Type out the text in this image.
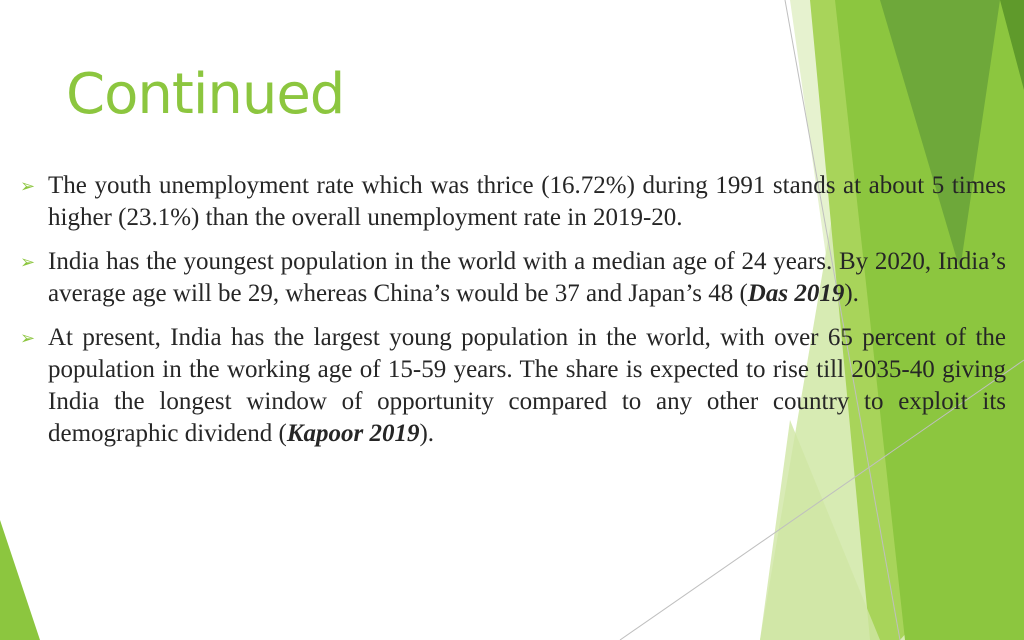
Continued

➢ The youth unemployment rate which was thrice (16.72%) during 1991 stands at about 5 times higher (23.1%) than the overall unemployment rate in 2019-20.

➢ India has the youngest population in the world with a median age of 24 years. By 2020, India’s average age will be 29, whereas China’s would be 37 and Japan’s 48 (Das 2019).

➢ At present, India has the largest young population in the world, with over 65 percent of the population in the working age of 15-59 years. The share is expected to rise till 2035-40 giving India the longest window of opportunity compared to any other country to exploit its demographic dividend (Kapoor 2019).
